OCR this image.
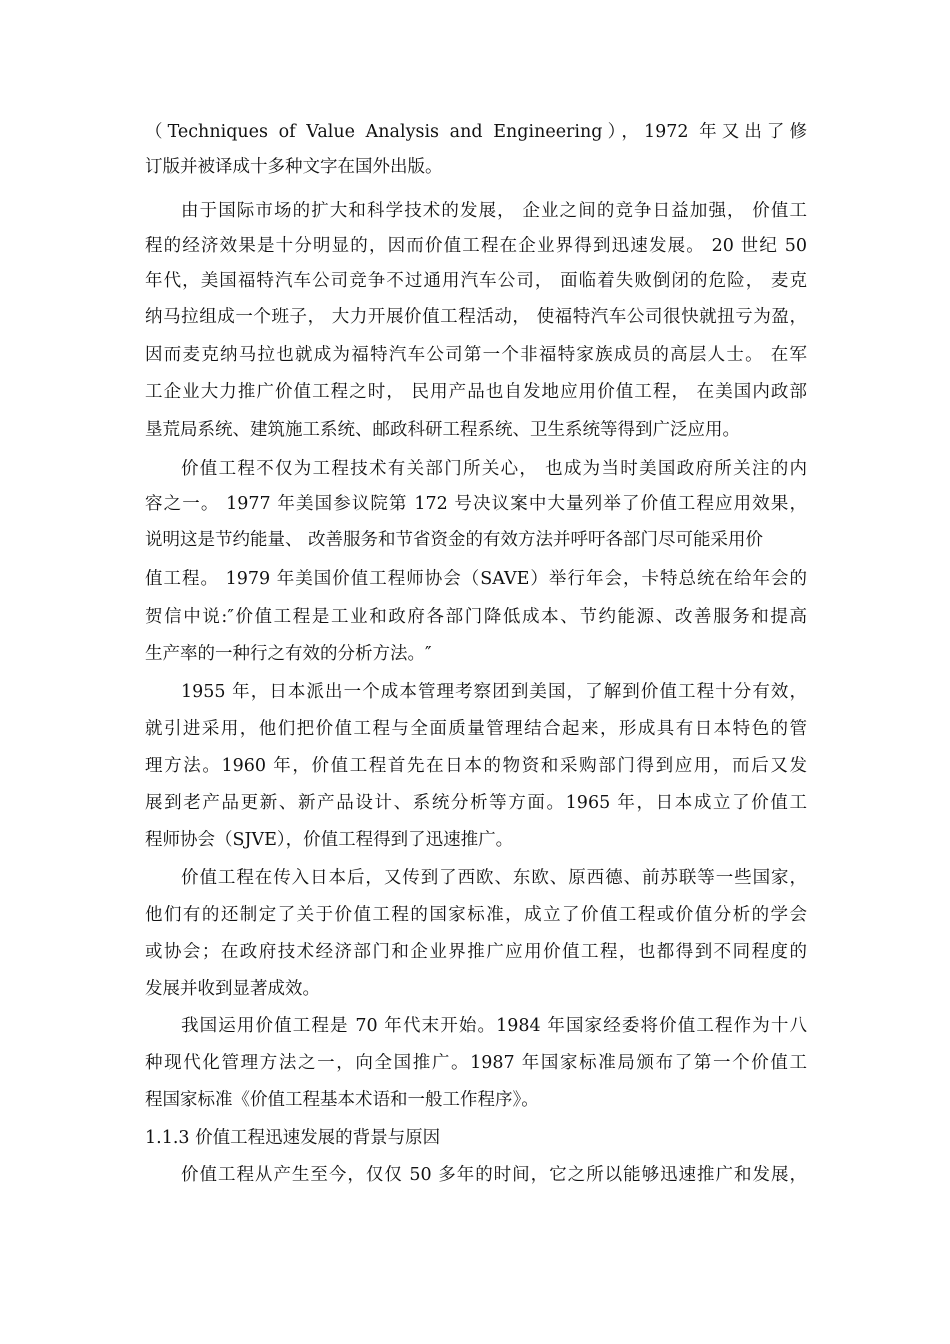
（Techniques of Value Analysis and Engineering），1972 年又出了修
订版并被译成十多种文字在国外出版。
由于国际市场的扩大和科学技术的发展， 企业之间的竞争日益加强， 价值工
程的经济效果是十分明显的，因而价值工程在企业界得到迅速发展。 20 世纪 50
年代，美国福特汽车公司竞争不过通用汽车公司， 面临着失败倒闭的危险， 麦克
纳马拉组成一个班子， 大力开展价值工程活动， 使福特汽车公司很快就扭亏为盈，
因而麦克纳马拉也就成为福特汽车公司第一个非福特家族成员的高层人士。 在军
工企业大力推广价值工程之时， 民用产品也自发地应用价值工程， 在美国内政部
垦荒局系统、建筑施工系统、邮政科研工程系统、卫生系统等得到广泛应用。
价值工程不仅为工程技术有关部门所关心， 也成为当时美国政府所关注的内
容之一。 1977 年美国参议院第 172 号决议案中大量列举了价值工程应用效果，
说明这是节约能量、 改善服务和节省资金的有效方法并呼吁各部门尽可能采用价
值工程。 1979 年美国价值工程师协会（SAVE）举行年会，卡特总统在给年会的
贺信中说:″价值工程是工业和政府各部门降低成本、节约能源、改善服务和提高
生产率的一种行之有效的分析方法。″
1955 年，日本派出一个成本管理考察团到美国，了解到价值工程十分有效，
就引进采用，他们把价值工程与全面质量管理结合起来，形成具有日本特色的管
理方法。1960 年，价值工程首先在日本的物资和采购部门得到应用，而后又发
展到老产品更新、新产品设计、系统分析等方面。1965 年，日本成立了价值工
程师协会（SJVE），价值工程得到了迅速推广。
价值工程在传入日本后，又传到了西欧、东欧、原西德、前苏联等一些国家，
他们有的还制定了关于价值工程的国家标准，成立了价值工程或价值分析的学会
或协会；在政府技术经济部门和企业界推广应用价值工程，也都得到不同程度的
发展并收到显著成效。
我国运用价值工程是 70 年代末开始。1984 年国家经委将价值工程作为十八
种现代化管理方法之一，向全国推广。1987 年国家标准局颁布了第一个价值工
程国家标准《价值工程基本术语和一般工作程序》。
1.1.3 价值工程迅速发展的背景与原因
价值工程从产生至今，仅仅 50 多年的时间，它之所以能够迅速推广和发展，
